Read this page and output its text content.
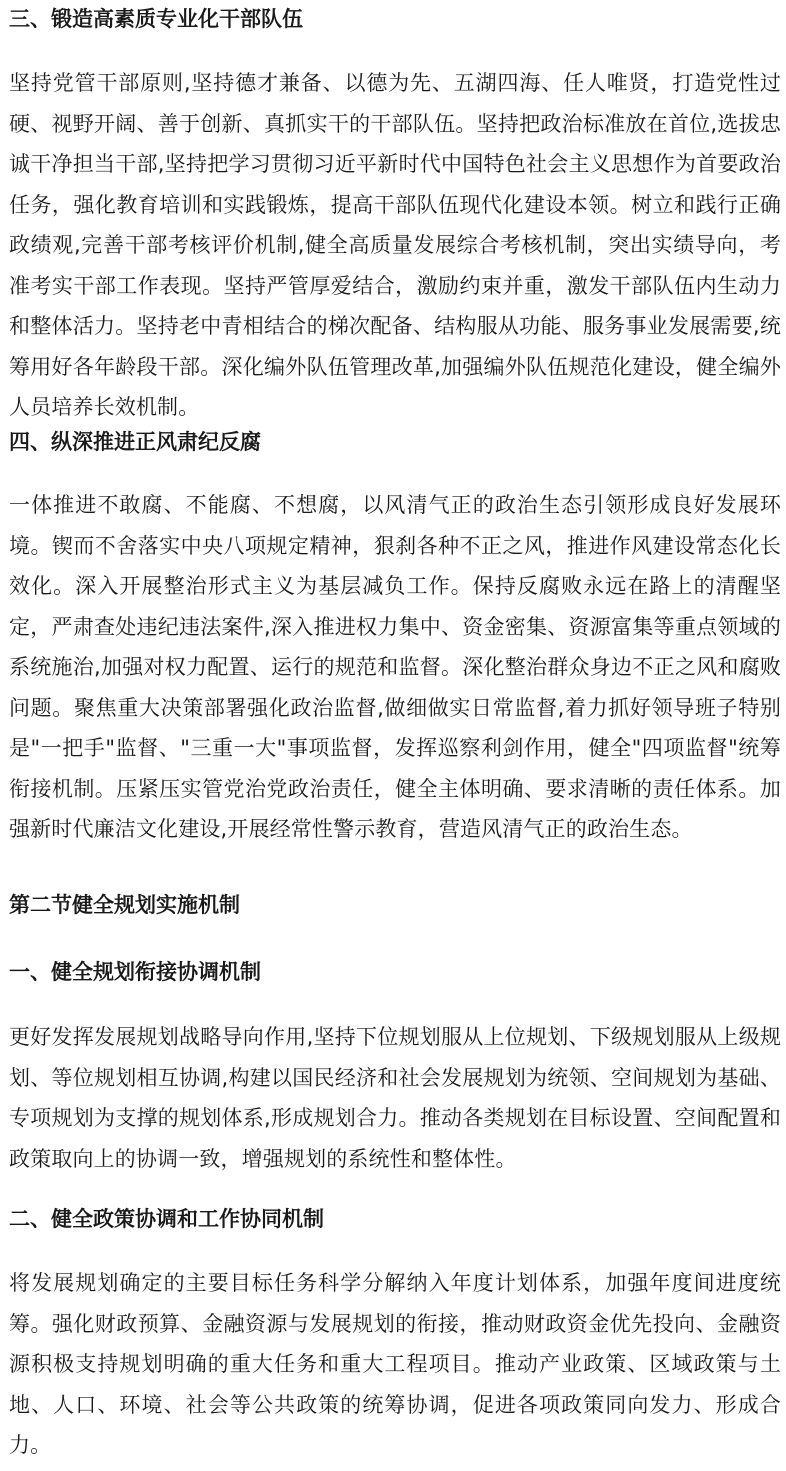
三、锻造高素质专业化干部队伍

坚持党管干部原则,坚持德才兼备、以德为先、五湖四海、任人唯贤，打造党性过硬、视野开阔、善于创新、真抓实干的干部队伍。坚持把政治标准放在首位,选拔忠诚干净担当干部,坚持把学习贯彻习近平新时代中国特色社会主义思想作为首要政治任务，强化教育培训和实践锻炼，提高干部队伍现代化建设本领。树立和践行正确政绩观,完善干部考核评价机制,健全高质量发展综合考核机制，突出实绩导向，考准考实干部工作表现。坚持严管厚爱结合，激励约束并重，激发干部队伍内生动力和整体活力。坚持老中青相结合的梯次配备、结构服从功能、服务事业发展需要,统筹用好各年龄段干部。深化编外队伍管理改革,加强编外队伍规范化建设，健全编外人员培养长效机制。

四、纵深推进正风肃纪反腐

一体推进不敢腐、不能腐、不想腐，以风清气正的政治生态引领形成良好发展环境。锲而不舍落实中央八项规定精神，狠刹各种不正之风，推进作风建设常态化长效化。深入开展整治形式主义为基层减负工作。保持反腐败永远在路上的清醒坚定，严肃查处违纪违法案件,深入推进权力集中、资金密集、资源富集等重点领域的系统施治,加强对权力配置、运行的规范和监督。深化整治群众身边不正之风和腐败问题。聚焦重大决策部署强化政治监督,做细做实日常监督,着力抓好领导班子特别是"一把手"监督、"三重一大"事项监督，发挥巡察利剑作用，健全"四项监督"统筹衔接机制。压紧压实管党治党政治责任，健全主体明确、要求清晰的责任体系。加强新时代廉洁文化建设,开展经常性警示教育，营造风清气正的政治生态。

第二节健全规划实施机制
一、健全规划衔接协调机制

更好发挥发展规划战略导向作用,坚持下位规划服从上位规划、下级规划服从上级规划、等位规划相互协调,构建以国民经济和社会发展规划为统领、空间规划为基础、专项规划为支撑的规划体系,形成规划合力。推动各类规划在目标设置、空间配置和政策取向上的协调一致，增强规划的系统性和整体性。

二、健全政策协调和工作协同机制

将发展规划确定的主要目标任务科学分解纳入年度计划体系，加强年度间进度统筹。强化财政预算、金融资源与发展规划的衔接，推动财政资金优先投向、金融资源积极支持规划明确的重大任务和重大工程项目。推动产业政策、区域政策与土地、人口、环境、社会等公共政策的统筹协调，促进各项政策同向发力、形成合力。
